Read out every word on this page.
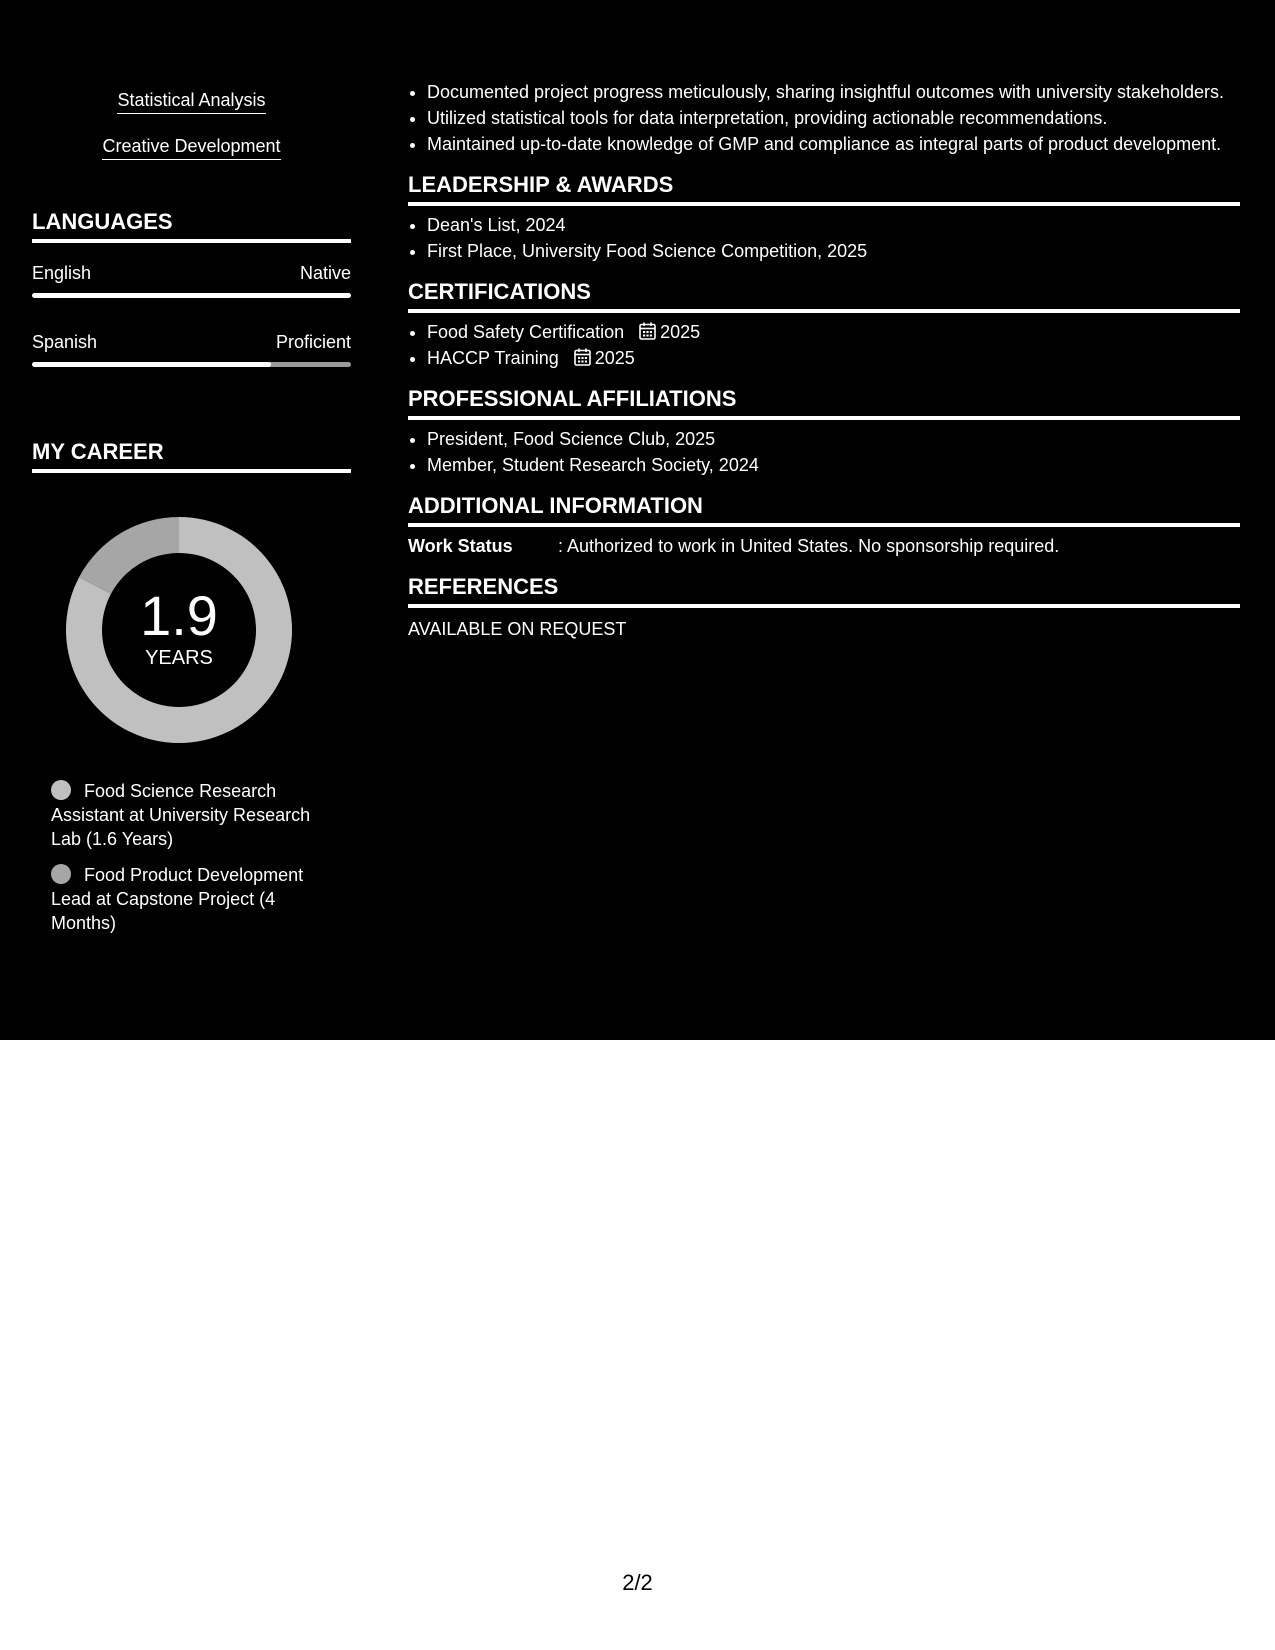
Statistical Analysis
Creative Development
LANGUAGES
English	Native
Spanish	Proficient
MY CAREER
1.9
YEARS
Food Science Research Assistant at University Research Lab (1.6 Years)
Food Product Development Lead at Capstone Project (4 Months)
• Documented project progress meticulously, sharing insightful outcomes with university stakeholders.
• Utilized statistical tools for data interpretation, providing actionable recommendations.
• Maintained up-to-date knowledge of GMP and compliance as integral parts of product development.
LEADERSHIP & AWARDS
• Dean's List, 2024
• First Place, University Food Science Competition, 2025
CERTIFICATIONS
• Food Safety Certification 2025
• HACCP Training 2025
PROFESSIONAL AFFILIATIONS
• President, Food Science Club, 2025
• Member, Student Research Society, 2024
ADDITIONAL INFORMATION
Work Status	: Authorized to work in United States. No sponsorship required.
REFERENCES
AVAILABLE ON REQUEST
2/2
